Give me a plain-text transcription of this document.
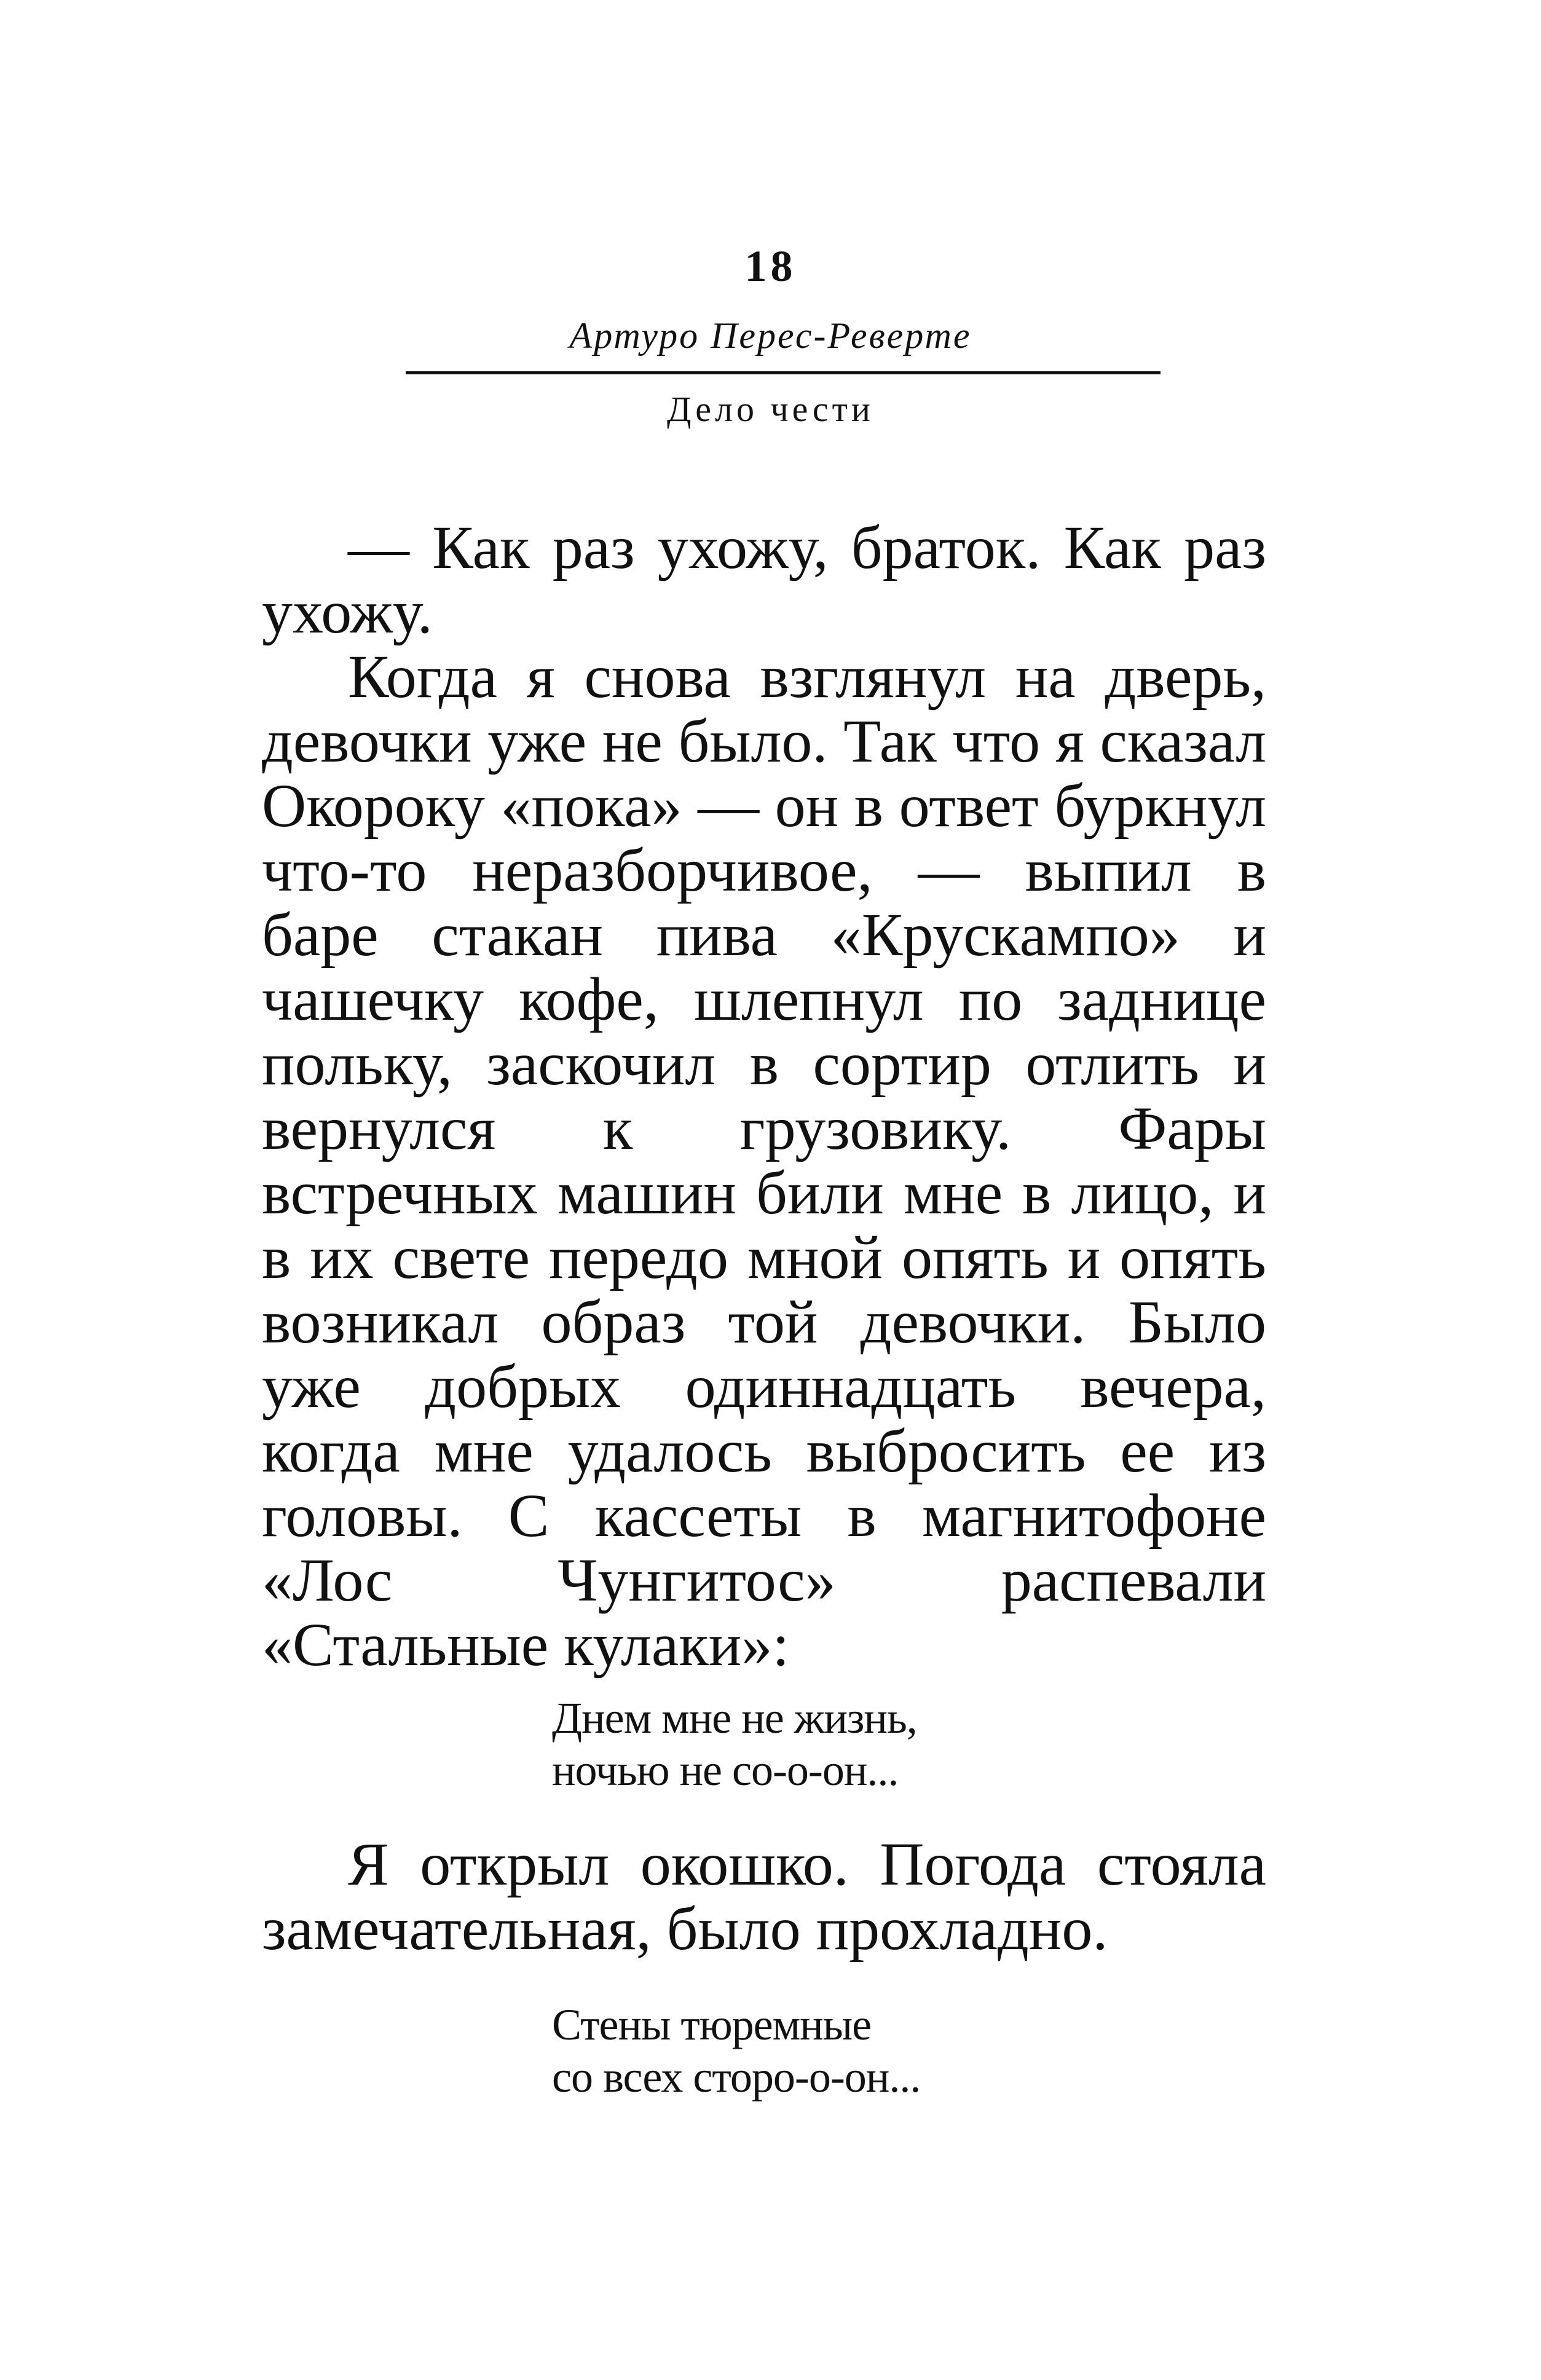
18
Артуро Перес-Реверте
Дело чести

— Как раз ухожу, браток. Как раз ухожу.

Когда я снова взглянул на дверь, девочки уже не было. Так что я сказал Окороку «пока» — он в ответ буркнул что-то неразборчивое, — выпил в баре стакан пива «Крускампо» и чашечку кофе, шлепнул по заднице польку, заскочил в сортир отлить и вернулся к грузовику. Фары встречных машин били мне в лицо, и в их свете передо мной опять и опять возникал образ той девочки. Было уже добрых одиннадцать вечера, когда мне удалось выбросить ее из головы. С кассеты в магнитофоне «Лос Чунгитос» распевали «Стальные кулаки»:

Днем мне не жизнь,
ночью не со-о-он...

Я открыл окошко. Погода стояла замечательная, было прохладно.

Стены тюремные
со всех сторо-о-он...
